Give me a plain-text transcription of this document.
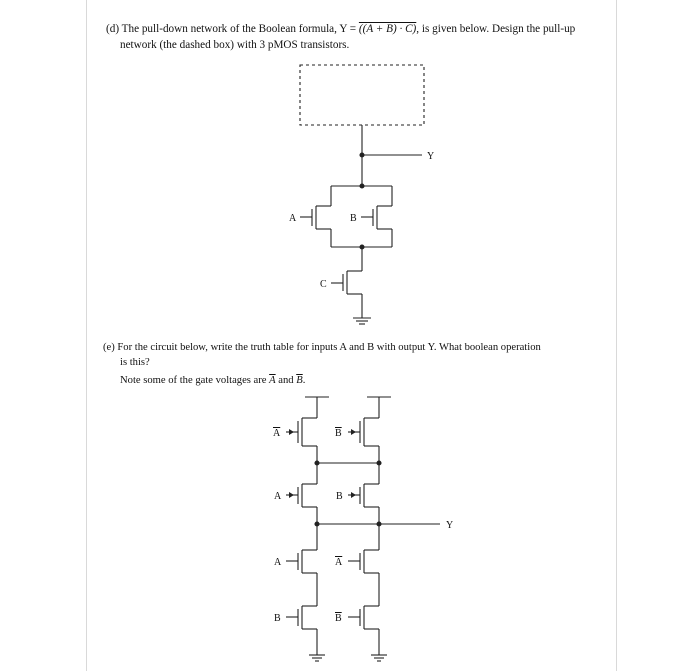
(d) The pull-down network of the Boolean formula, Y = ((A + B) · C), is given below. Design the pull-up
network (the dashed box) with 3 pMOS transistors.
(e) For the circuit below, write the truth table for inputs A and B with output Y. What boolean operation
is this?
Note some of the gate voltages are $\overline{A}$ and $\overline{B}$.
Y
A	B
C
A	B
A	B
Y
A	A
B	B
